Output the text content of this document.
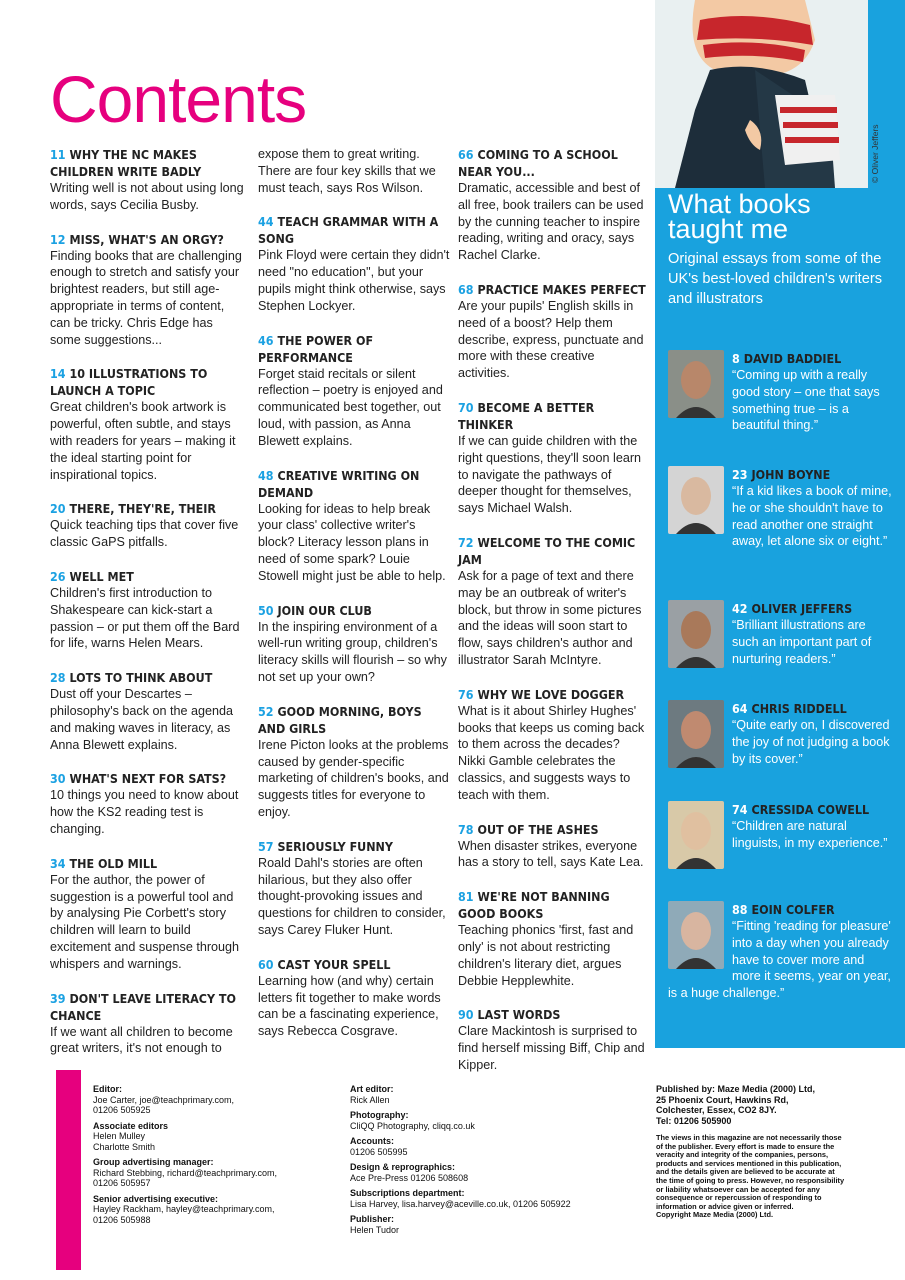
Contents
11 WHY THE NC MAKES CHILDREN WRITE BADLY
Writing well is not about using long words, says Cecilia Busby.
12 MISS, WHAT'S AN ORGY?
Finding books that are challenging enough to stretch and satisfy your brightest readers, but still age-appropriate in terms of content, can be tricky. Chris Edge has some suggestions...
14 10 ILLUSTRATIONS TO LAUNCH A TOPIC
Great children's book artwork is powerful, often subtle, and stays with readers for years – making it the ideal starting point for inspirational topics.
20 THERE, THEY'RE, THEIR
Quick teaching tips that cover five classic GaPS pitfalls.
26 WELL MET
Children's first introduction to Shakespeare can kick-start a passion – or put them off the Bard for life, warns Helen Mears.
28 LOTS TO THINK ABOUT
Dust off your Descartes – philosophy's back on the agenda and making waves in literacy, as Anna Blewett explains.
30 WHAT'S NEXT FOR SATS?
10 things you need to know about how the KS2 reading test is changing.
34 THE OLD MILL
For the author, the power of suggestion is a powerful tool and by analysing Pie Corbett's story children will learn to build excitement and suspense through whispers and warnings.
39 DON'T LEAVE LITERACY TO CHANCE
If we want all children to become great writers, it's not enough to
expose them to great writing. There are four key skills that we must teach, says Ros Wilson.
44 TEACH GRAMMAR WITH A SONG
Pink Floyd were certain they didn't need "no education", but your pupils might think otherwise, says Stephen Lockyer.
46 THE POWER OF PERFORMANCE
Forget staid recitals or silent reflection – poetry is enjoyed and communicated best together, out loud, with passion, as Anna Blewett explains.
48 CREATIVE WRITING ON DEMAND
Looking for ideas to help break your class' collective writer's block? Literacy lesson plans in need of some spark? Louie Stowell might just be able to help.
50 JOIN OUR CLUB
In the inspiring environment of a well-run writing group, children's literacy skills will flourish – so why not set up your own?
52 GOOD MORNING, BOYS AND GIRLS
Irene Picton looks at the problems caused by gender-specific marketing of children's books, and suggests titles for everyone to enjoy.
57 SERIOUSLY FUNNY
Roald Dahl's stories are often hilarious, but they also offer thought-provoking issues and questions for children to consider, says Carey Fluker Hunt.
60 CAST YOUR SPELL
Learning how (and why) certain letters fit together to make words can be a fascinating experience, says Rebecca Cosgrave.
66 COMING TO A SCHOOL NEAR YOU...
Dramatic, accessible and best of all free, book trailers can be used by the cunning teacher to inspire reading, writing and oracy, says Rachel Clarke.
68 PRACTICE MAKES PERFECT
Are your pupils' English skills in need of a boost? Help them describe, express, punctuate and more with these creative activities.
70 BECOME A BETTER THINKER
If we can guide children with the right questions, they'll soon learn to navigate the pathways of deeper thought for themselves, says Michael Walsh.
72 WELCOME TO THE COMIC JAM
Ask for a page of text and there may be an outbreak of writer's block, but throw in some pictures and the ideas will soon start to flow, says children's author and illustrator Sarah McIntyre.
76 WHY WE LOVE DOGGER
What is it about Shirley Hughes' books that keeps us coming back to them across the decades? Nikki Gamble celebrates the classics, and suggests ways to teach with them.
78 OUT OF THE ASHES
When disaster strikes, everyone has a story to tell, says Kate Lea.
81 WE'RE NOT BANNING GOOD BOOKS
Teaching phonics 'first, fast and only' is not about restricting children's literary diet, argues Debbie Hepplewhite.
90 LAST WORDS
Clare Mackintosh is surprised to find herself missing Biff, Chip and Kipper.
What books taught me
Original essays from some of the UK's best-loved children's writers and illustrators
8 DAVID BADDIEL
“Coming up with a really good story – one that says something true – is a beautiful thing.”
23 JOHN BOYNE
“If a kid likes a book of mine, he or she shouldn't have to read another one straight away, let alone six or eight.”
42 OLIVER JEFFERS
“Brilliant illustrations are such an important part of nurturing readers.”
64 CHRIS RIDDELL
“Quite early on, I discovered the joy of not judging a book by its cover.”
74 CRESSIDA COWELL
“Children are natural linguists, in my experience.”
88 EOIN COLFER
“Fitting 'reading for pleasure' into a day when you already have to cover more and more it seems, year on year, is a huge challenge.”
© Oliver Jeffers
Editor:
Joe Carter, joe@teachprimary.com,
01206 505925
Associate editors
Helen Mulley
Charlotte Smith
Group advertising manager:
Richard Stebbing, richard@teachprimary.com,
01206 505957
Senior advertising executive:
Hayley Rackham, hayley@teachprimary.com,
01206 505988
Art editor:
Rick Allen
Photography:
CliQQ Photography, cliqq.co.uk
Accounts:
01206 505995
Design & reprographics:
Ace Pre-Press 01206 508608
Subscriptions department:
Lisa Harvey, lisa.harvey@aceville.co.uk, 01206 505922
Publisher:
Helen Tudor
Published by: Maze Media (2000) Ltd,
25 Phoenix Court, Hawkins Rd,
Colchester, Essex, CO2 8JY.
Tel: 01206 505900
The views in this magazine are not necessarily those of the publisher. Every effort is made to ensure the veracity and integrity of the companies, persons, products and services mentioned in this publication, and the details given are believed to be accurate at the time of going to press. However, no responsibility or liability whatsoever can be accepted for any consequence or repercussion of responding to information or advice given or inferred.
Copyright Maze Media (2000) Ltd.
